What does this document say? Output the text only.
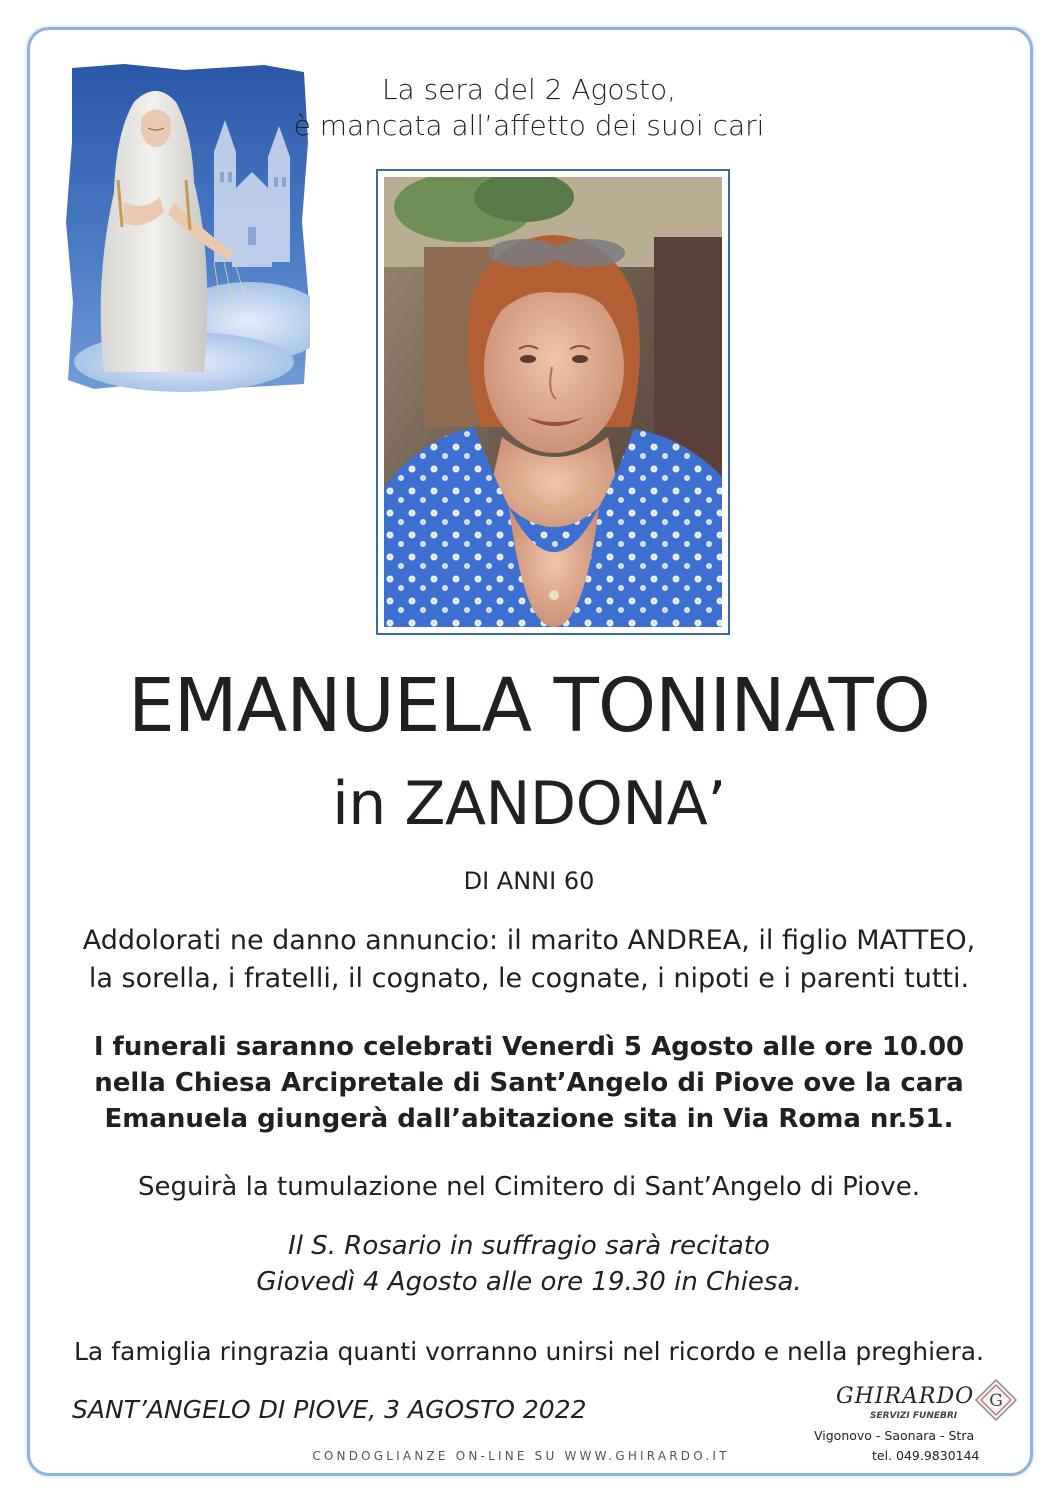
La sera del 2 Agosto,
è mancata all’affetto dei suoi cari
EMANUELA TONINATO
in ZANDONA’
DI ANNI 60
Addolorati ne danno annuncio: il marito ANDREA, il figlio MATTEO,
la sorella, i fratelli, il cognato, le cognate, i nipoti e i parenti tutti.
I funerali saranno celebrati Venerdì 5 Agosto alle ore 10.00
nella Chiesa Arcipretale di Sant’Angelo di Piove ove la cara
Emanuela giungerà dall’abitazione sita in Via Roma nr.51.
Seguirà la tumulazione nel Cimitero di Sant’Angelo di Piove.
Il S. Rosario in suffragio sarà recitato
Giovedì 4 Agosto alle ore 19.30 in Chiesa.
La famiglia ringrazia quanti vorranno unirsi nel ricordo e nella preghiera.
SANT’ANGELO DI PIOVE, 3 AGOSTO 2022
CONDOGLIANZE ON-LINE SU WWW.GHIRARDO.IT
GHIRARDO
SERVIZI FUNEBRI
G
Vigonovo - Saonara - Stra
tel. 049.9830144
